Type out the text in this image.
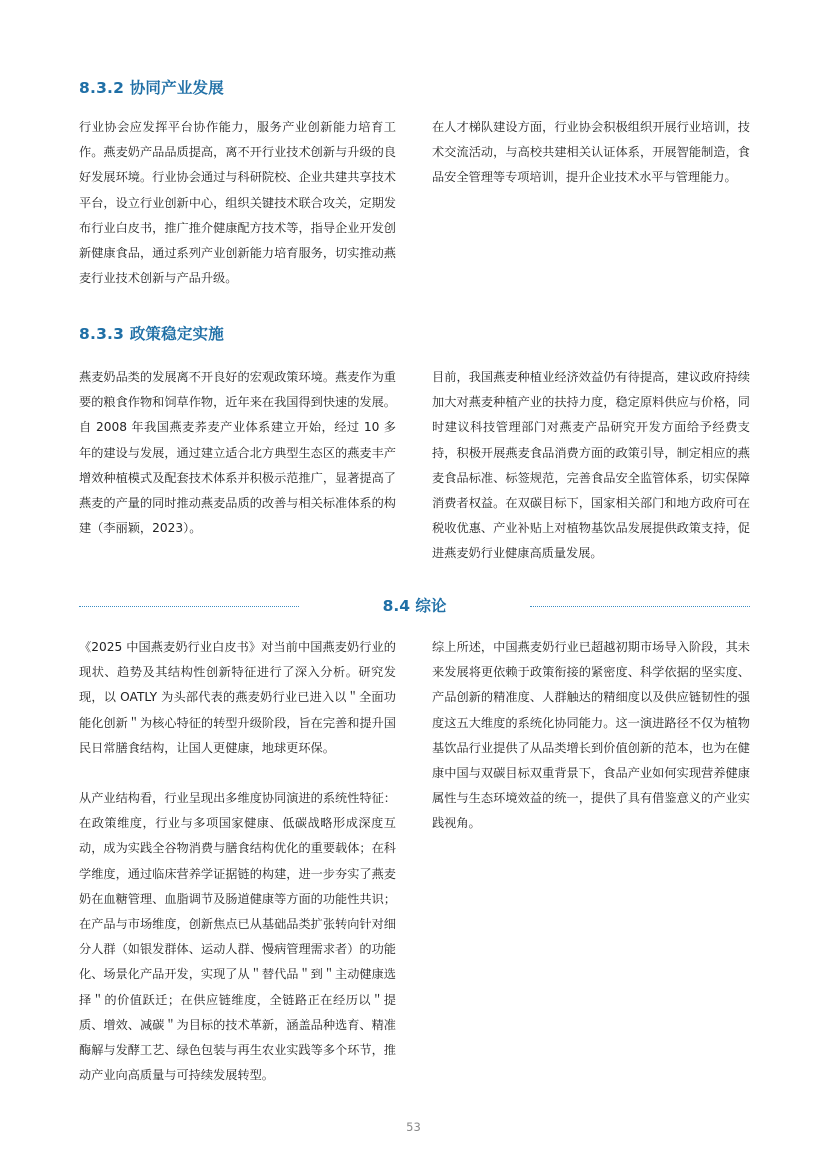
8.3.2 协同产业发展

行业协会应发挥平台协作能力，服务产业创新能力培育工作。燕麦奶产品品质提高，离不开行业技术创新与升级的良好发展环境。行业协会通过与科研院校、企业共建共享技术平台，设立行业创新中心，组织关键技术联合攻关，定期发布行业白皮书，推广推介健康配方技术等，指导企业开发创新健康食品，通过系列产业创新能力培育服务，切实推动燕麦行业技术创新与产品升级。

在人才梯队建设方面，行业协会积极组织开展行业培训，技术交流活动，与高校共建相关认证体系，开展智能制造，食品安全管理等专项培训，提升企业技术水平与管理能力。

8.3.3 政策稳定实施

燕麦奶品类的发展离不开良好的宏观政策环境。燕麦作为重要的粮食作物和饲草作物，近年来在我国得到快速的发展。自 2008 年我国燕麦荞麦产业体系建立开始，经过 10 多年的建设与发展，通过建立适合北方典型生态区的燕麦丰产增效种植模式及配套技术体系并积极示范推广，显著提高了燕麦的产量的同时推动燕麦品质的改善与相关标准体系的构建（李丽颖，2023）。

目前，我国燕麦种植业经济效益仍有待提高，建议政府持续加大对燕麦种植产业的扶持力度，稳定原料供应与价格，同时建议科技管理部门对燕麦产品研究开发方面给予经费支持，积极开展燕麦食品消费方面的政策引导，制定相应的燕麦食品标准、标签规范，完善食品安全监管体系，切实保障消费者权益。在双碳目标下，国家相关部门和地方政府可在税收优惠、产业补贴上对植物基饮品发展提供政策支持，促进燕麦奶行业健康高质量发展。

8.4 综论

《2025 中国燕麦奶行业白皮书》对当前中国燕麦奶行业的现状、趋势及其结构性创新特征进行了深入分析。研究发现，以 OATLY 为头部代表的燕麦奶行业已进入以＂全面功能化创新＂为核心特征的转型升级阶段，旨在完善和提升国民日常膳食结构，让国人更健康，地球更环保。

从产业结构看，行业呈现出多维度协同演进的系统性特征：在政策维度，行业与多项国家健康、低碳战略形成深度互动，成为实践全谷物消费与膳食结构优化的重要载体；在科学维度，通过临床营养学证据链的构建，进一步夯实了燕麦奶在血糖管理、血脂调节及肠道健康等方面的功能性共识；在产品与市场维度，创新焦点已从基础品类扩张转向针对细分人群（如银发群体、运动人群、慢病管理需求者）的功能化、场景化产品开发，实现了从＂替代品＂到＂主动健康选择＂的价值跃迁；在供应链维度，全链路正在经历以＂提质、增效、减碳＂为目标的技术革新，涵盖品种选育、精准酶解与发酵工艺、绿色包装与再生农业实践等多个环节，推动产业向高质量与可持续发展转型。

综上所述，中国燕麦奶行业已超越初期市场导入阶段，其未来发展将更依赖于政策衔接的紧密度、科学依据的坚实度、产品创新的精准度、人群触达的精细度以及供应链韧性的强度这五大维度的系统化协同能力。这一演进路径不仅为植物基饮品行业提供了从品类增长到价值创新的范本，也为在健康中国与双碳目标双重背景下，食品产业如何实现营养健康属性与生态环境效益的统一，提供了具有借鉴意义的产业实践视角。

53
